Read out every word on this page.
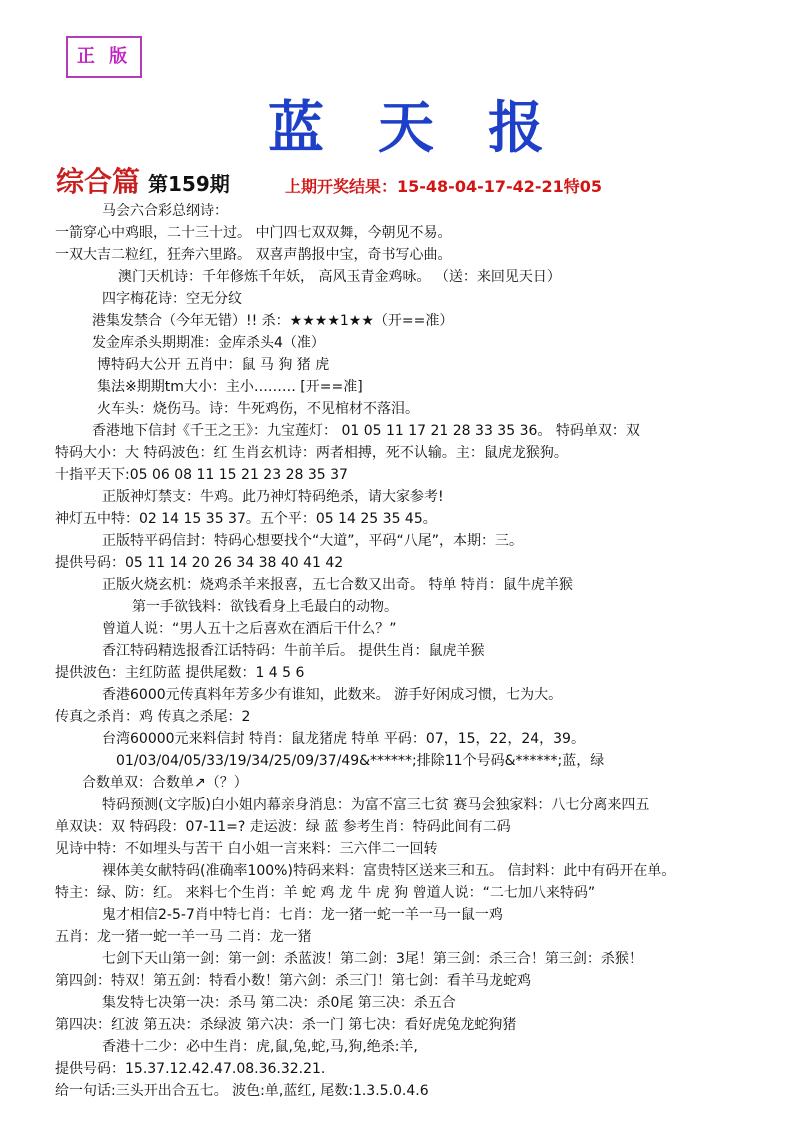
正 版
蓝天报
综合篇 第159期	上期开奖结果：15-48-04-17-42-21特05
马会六合彩总纲诗：
一箭穿心中鸡眼，二十三十过。 中门四七双双舞，今朝见不易。
一双大吉二粒红，狂奔六里路。 双喜声鹊报中宝，奇书写心曲。
澳门天机诗：千年修炼千年妖， 高风玉青金鸡咏。 （送：来回见天日）
四字梅花诗：空无分纹
港集发禁合（今年无错）!! 杀：★★★★1★★（开==准）
发金库杀头期期准：金库杀头4（准）
博特码大公开 五肖中：鼠 马 狗 猪 虎
集法※期期tm大小：主小……… [开==准]
火车头：烧伤马。诗：牛死鸡伤，不见棺材不落泪。
香港地下信封《千王之王》：九宝莲灯： 01 05 11 17 21 28 33 35 36。 特码单双：双
特码大小：大 特码波色：红 生肖玄机诗：两者相搏，死不认输。主：鼠虎龙猴狗。
十指平天下:05 06 08 11 15 21 23 28 35 37
正版神灯禁支：牛鸡。此乃神灯特码绝杀，请大家参考!
神灯五中特：02 14 15 35 37。五个平：05 14 25 35 45。
正版特平码信封：特码心想要找个“大道”，平码“八尾”，本期：三。
提供号码：05 11 14 20 26 34 38 40 41 42
正版火烧玄机：烧鸡杀羊来报喜，五七合数又出奇。 特单 特肖：鼠牛虎羊猴
第一手欲钱料：欲钱看身上毛最白的动物。
曾道人说：“男人五十之后喜欢在酒后干什么？”
香江特码精选报香江话特码：牛前羊后。 提供生肖：鼠虎羊猴
提供波色：主红防蓝 提供尾数：1 4 5 6
香港6000元传真料年芳多少有谁知，此数来。 游手好闲成习惯，七为大。
传真之杀肖：鸡 传真之杀尾：2
台湾60000元来料信封 特肖：鼠龙猪虎 特单 平码：07，15，22，24，39。
01/03/04/05/33/19/34/25/09/37/49&******;排除11个号码&******;蓝，绿
合数单双：合数单↗（？）
特码预测(文字版)白小姐内幕亲身消息：为富不富三七贫 赛马会独家料：八七分离来四五
单双诀：双 特码段：07-11=? 走运波：绿 蓝 参考生肖：特码此间有二码
见诗中特：不如埋头与苦干 白小姐一言来料：三六伴二一回转
裸体美女献特码(准确率100%)特码来料：富贵特区送来三和五。 信封料：此中有码开在单。
特主：绿、防：红。 来料七个生肖：羊 蛇 鸡 龙 牛 虎 狗 曾道人说：“二七加八来特码”
鬼才相信2-5-7肖中特七肖：七肖：龙一猪一蛇一羊一马一鼠一鸡
五肖：龙一猪一蛇一羊一马 二肖：龙一猪
七剑下天山第一剑：第一剑：杀蓝波！第二剑：3尾！第三剑：杀三合！第三剑：杀猴！
第四剑：特双！第五剑：特看小数！第六剑：杀三门！第七剑：看羊马龙蛇鸡
集发特七决第一决：杀马 第二决：杀0尾 第三决：杀五合
第四决：红波 第五决：杀绿波 第六决：杀一门 第七决：看好虎兔龙蛇狗猪
香港十二少：必中生肖：虎,鼠,兔,蛇,马,狗,绝杀:羊,
提供号码：15.37.12.42.47.08.36.32.21.
给一句话:三头开出合五七。 波色:单,蓝红, 尾数:1.3.5.0.4.6
